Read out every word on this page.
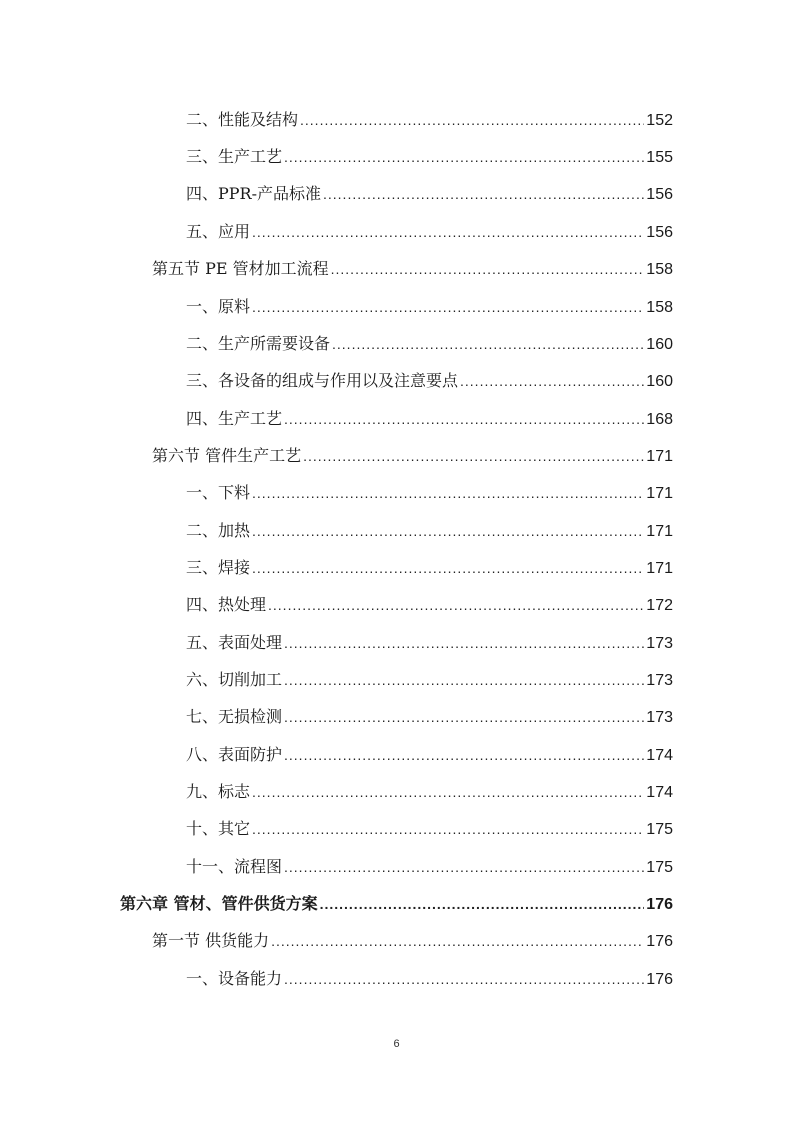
二、性能及结构 .....	152
三、生产工艺 .....	155
四、PPR-产品标准 .....	156
五、应用 .....	156
第五节 PE 管材加工流程 .....	158
一、原料 .....	158
二、生产所需要设备 .....	160
三、各设备的组成与作用以及注意要点 .....	160
四、生产工艺 .....	168
第六节 管件生产工艺 .....	171
一、下料 .....	171
二、加热 .....	171
三、焊接 .....	171
四、热处理 .....	172
五、表面处理 .....	173
六、切削加工 .....	173
七、无损检测 .....	173
八、表面防护 .....	174
九、标志 .....	174
十、其它 .....	175
十一、流程图 .....	175
第六章 管材、管件供货方案 .....	176
第一节 供货能力 .....	176
一、设备能力 .....	176
6
